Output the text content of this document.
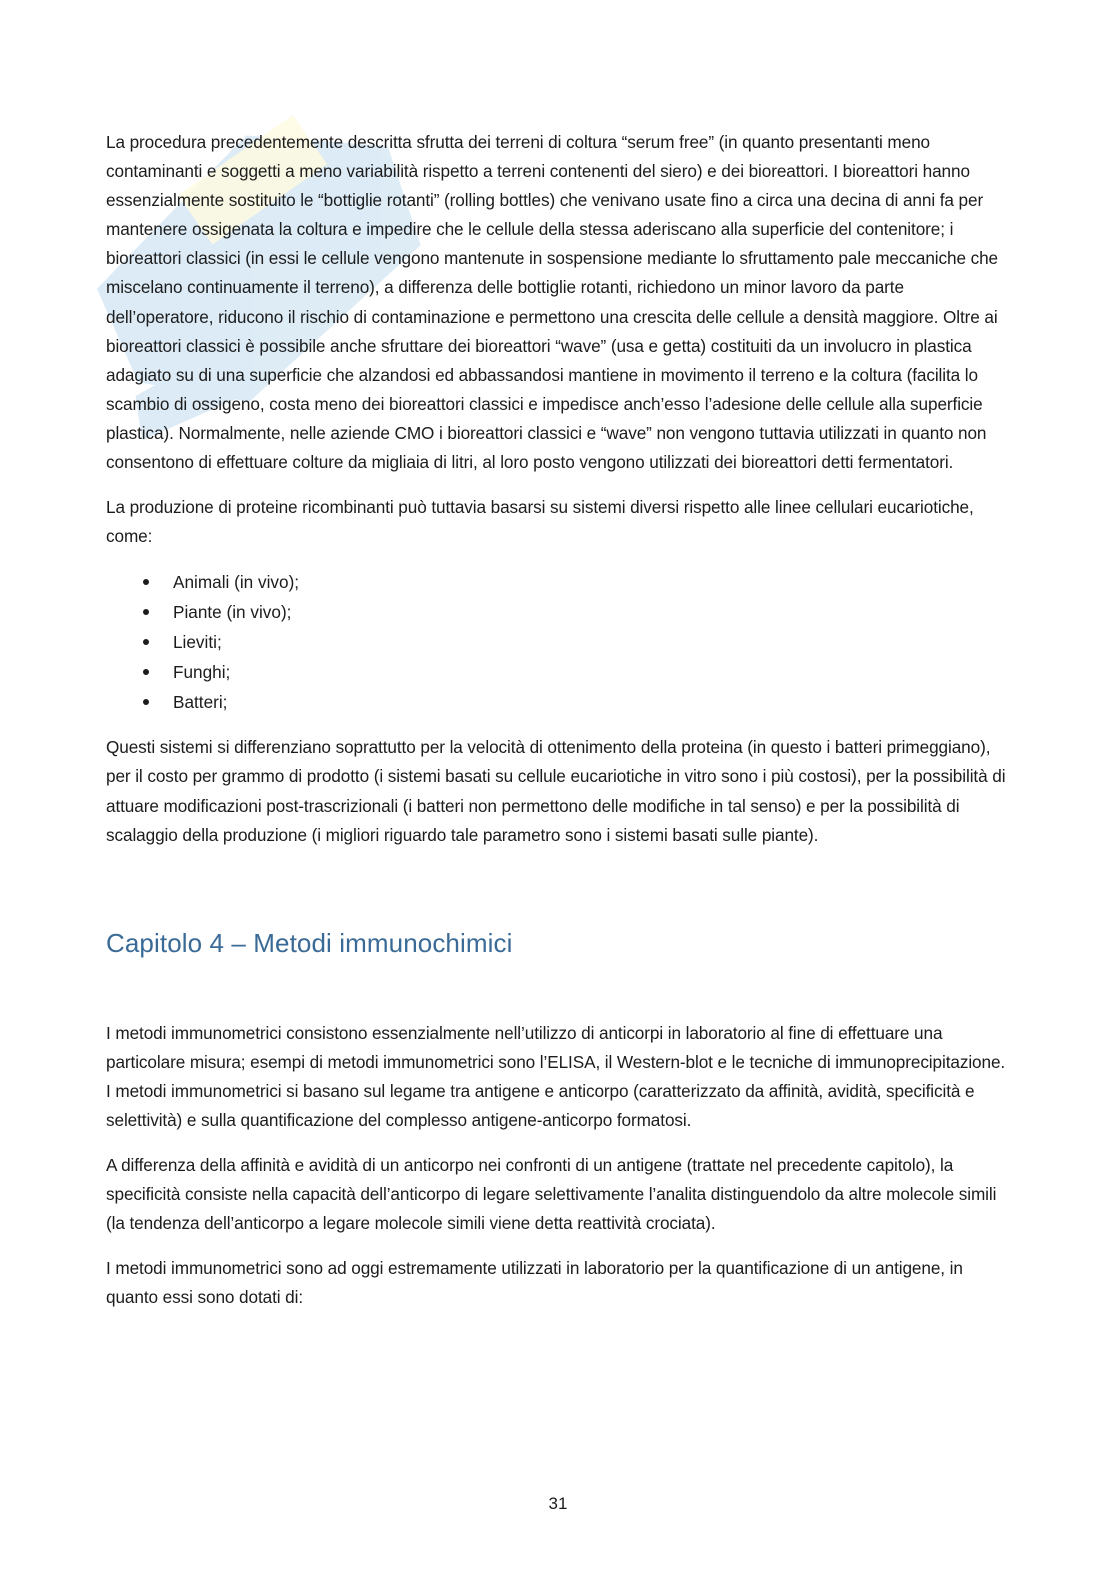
La procedura precedentemente descritta sfrutta dei terreni di coltura “serum free” (in quanto presentanti meno contaminanti e soggetti a meno variabilità rispetto a terreni contenenti del siero) e dei bioreattori. I bioreattori hanno essenzialmente sostituito le “bottiglie rotanti” (rolling bottles) che venivano usate fino a circa una decina di anni fa per mantenere ossigenata la coltura e impedire che le cellule della stessa aderiscano alla superficie del contenitore; i bioreattori classici (in essi le cellule vengono mantenute in sospensione mediante lo sfruttamento pale meccaniche che miscelano continuamente il terreno), a differenza delle bottiglie rotanti, richiedono un minor lavoro da parte dell’operatore, riducono il rischio di contaminazione e permettono una crescita delle cellule a densità maggiore. Oltre ai bioreattori classici è possibile anche sfruttare dei bioreattori “wave” (usa e getta) costituiti da un involucro in plastica adagiato su di una superficie che alzandosi ed abbassandosi mantiene in movimento il terreno e la coltura (facilita lo scambio di ossigeno, costa meno dei bioreattori classici e impedisce anch’esso l’adesione delle cellule alla superficie plastica). Normalmente, nelle aziende CMO i bioreattori classici e “wave” non vengono tuttavia utilizzati in quanto non consentono di effettuare colture da migliaia di litri, al loro posto vengono utilizzati dei bioreattori detti fermentatori.

La produzione di proteine ricombinanti può tuttavia basarsi su sistemi diversi rispetto alle linee cellulari eucariotiche, come:

Animali (in vivo);
Piante (in vivo);
Lieviti;
Funghi;
Batteri;

Questi sistemi si differenziano soprattutto per la velocità di ottenimento della proteina (in questo i batteri primeggiano), per il costo per grammo di prodotto (i sistemi basati su cellule eucariotiche in vitro sono i più costosi), per la possibilità di attuare modificazioni post-trascrizionali (i batteri non permettono delle modifiche in tal senso) e per la possibilità di scalaggio della produzione (i migliori riguardo tale parametro sono i sistemi basati sulle piante).

Capitolo 4 – Metodi immunochimici

I metodi immunometrici consistono essenzialmente nell’utilizzo di anticorpi in laboratorio al fine di effettuare una particolare misura; esempi di metodi immunometrici sono l’ELISA, il Western-blot e le tecniche di immunoprecipitazione. I metodi immunometrici si basano sul legame tra antigene e anticorpo (caratterizzato da affinità, avidità, specificità e selettività) e sulla quantificazione del complesso antigene-anticorpo formatosi.

A differenza della affinità e avidità di un anticorpo nei confronti di un antigene (trattate nel precedente capitolo), la specificità consiste nella capacità dell’anticorpo di legare selettivamente l’analita distinguendolo da altre molecole simili (la tendenza dell’anticorpo a legare molecole simili viene detta reattività crociata).

I metodi immunometrici sono ad oggi estremamente utilizzati in laboratorio per la quantificazione di un antigene, in quanto essi sono dotati di:

31
